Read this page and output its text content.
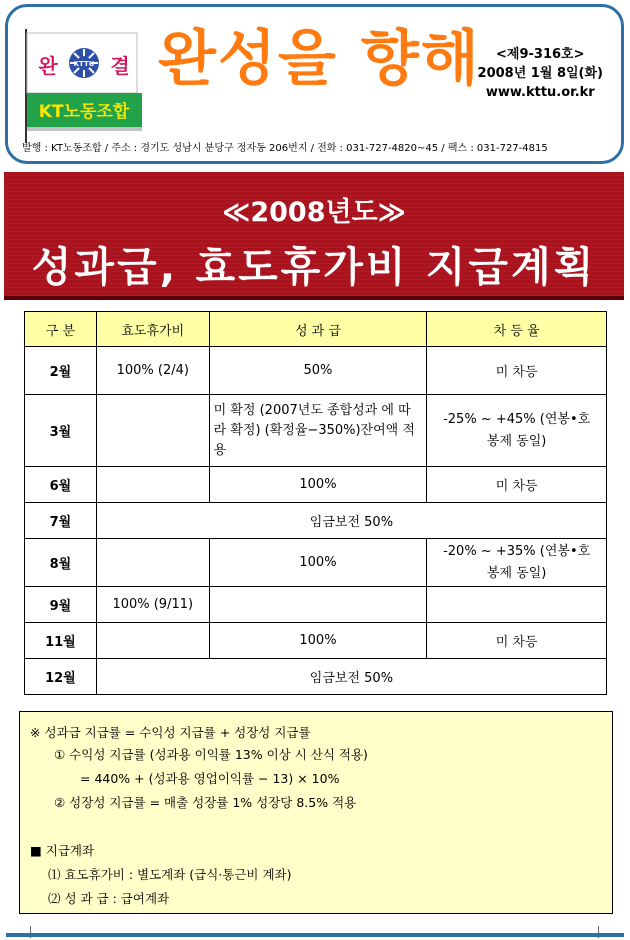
KTTU
완	결
KT노동조합
완성을 향해	<제9-316호>
2008년 1월 8일(화)
www.kttu.or.kr
발행 : KT노동조합 / 주소 : 경기도 성남시 분당구 정자동 206번지 / 전화 : 031-727-4820~45 / 팩스 : 031-727-4815
≪2008년도≫
성과급, 효도휴가비 지급계획
구 분	효도휴가비	성 과 급	차 등 율
2월	100% (2/4)	50%	미 차등
3월		미 확정 (2007년도 종합성과 에 따라 확정) (확정율−350%)잔여액 적용	-25% ~ +45% (연봉•호봉제 동일)
6월		100%	미 차등
7월	임금보전 50%		
8월		100%	-20% ~ +35% (연봉•호봉제 동일)
9월	100% (9/11)		
11월		100%	미 차등
12월	임금보전 50%		
※ 성과급 지급률 = 수익성 지급률 + 성장성 지급률
① 수익성 지급률 (성과용 이익률 13% 이상 시 산식 적용)
= 440% + (성과용 영업이익률 − 13) × 10%
② 성장성 지급률 = 매출 성장률 1% 성장당 8.5% 적용
■ 지급계좌
⑴ 효도휴가비 : 별도계좌 (급식·통근비 계좌)
⑵ 성 과 급 : 급여계좌
